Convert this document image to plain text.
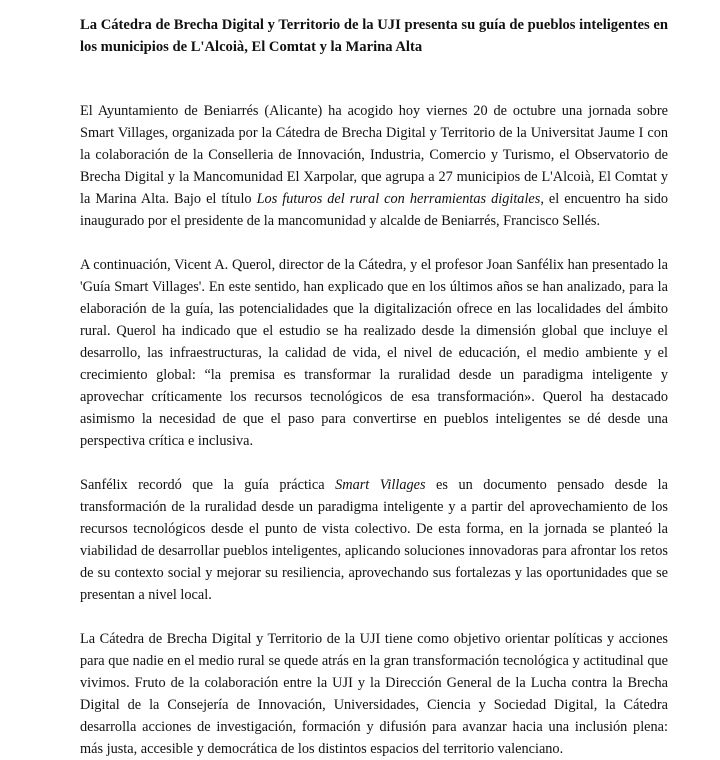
La Cátedra de Brecha Digital y Territorio de la UJI presenta su guía de pueblos inteligentes en los municipios de L'Alcoià, El Comtat y la Marina Alta

El Ayuntamiento de Beniarrés (Alicante) ha acogido hoy viernes 20 de octubre una jornada sobre Smart Villages, organizada por la Cátedra de Brecha Digital y Territorio de la Universitat Jaume I con la colaboración de la Conselleria de Innovación, Industria, Comercio y Turismo, el Observatorio de Brecha Digital y la Mancomunidad El Xarpolar, que agrupa a 27 municipios de L'Alcoià, El Comtat y la Marina Alta. Bajo el título Los futuros del rural con herramientas digitales, el encuentro ha sido inaugurado por el presidente de la mancomunidad y alcalde de Beniarrés, Francisco Sellés.

A continuación, Vicent A. Querol, director de la Cátedra, y el profesor Joan Sanfélix han presentado la 'Guía Smart Villages'. En este sentido, han explicado que en los últimos años se han analizado, para la elaboración de la guía, las potencialidades que la digitalización ofrece en las localidades del ámbito rural. Querol ha indicado que el estudio se ha realizado desde la dimensión global que incluye el desarrollo, las infraestructuras, la calidad de vida, el nivel de educación, el medio ambiente y el crecimiento global: “la premisa es transformar la ruralidad desde un paradigma inteligente y aprovechar críticamente los recursos tecnológicos de esa transformación». Querol ha destacado asimismo la necesidad de que el paso para convertirse en pueblos inteligentes se dé desde una perspectiva crítica e inclusiva.

Sanfélix recordó que la guía práctica Smart Villages es un documento pensado desde la transformación de la ruralidad desde un paradigma inteligente y a partir del aprovechamiento de los recursos tecnológicos desde el punto de vista colectivo. De esta forma, en la jornada se planteó la viabilidad de desarrollar pueblos inteligentes, aplicando soluciones innovadoras para afrontar los retos de su contexto social y mejorar su resiliencia, aprovechando sus fortalezas y las oportunidades que se presentan a nivel local.

La Cátedra de Brecha Digital y Territorio de la UJI tiene como objetivo orientar políticas y acciones para que nadie en el medio rural se quede atrás en la gran transformación tecnológica y actitudinal que vivimos. Fruto de la colaboración entre la UJI y la Dirección General de la Lucha contra la Brecha Digital de la Consejería de Innovación, Universidades, Ciencia y Sociedad Digital, la Cátedra desarrolla acciones de investigación, formación y difusión para avanzar hacia una inclusión plena: más justa, accesible y democrática de los distintos espacios del territorio valenciano.
